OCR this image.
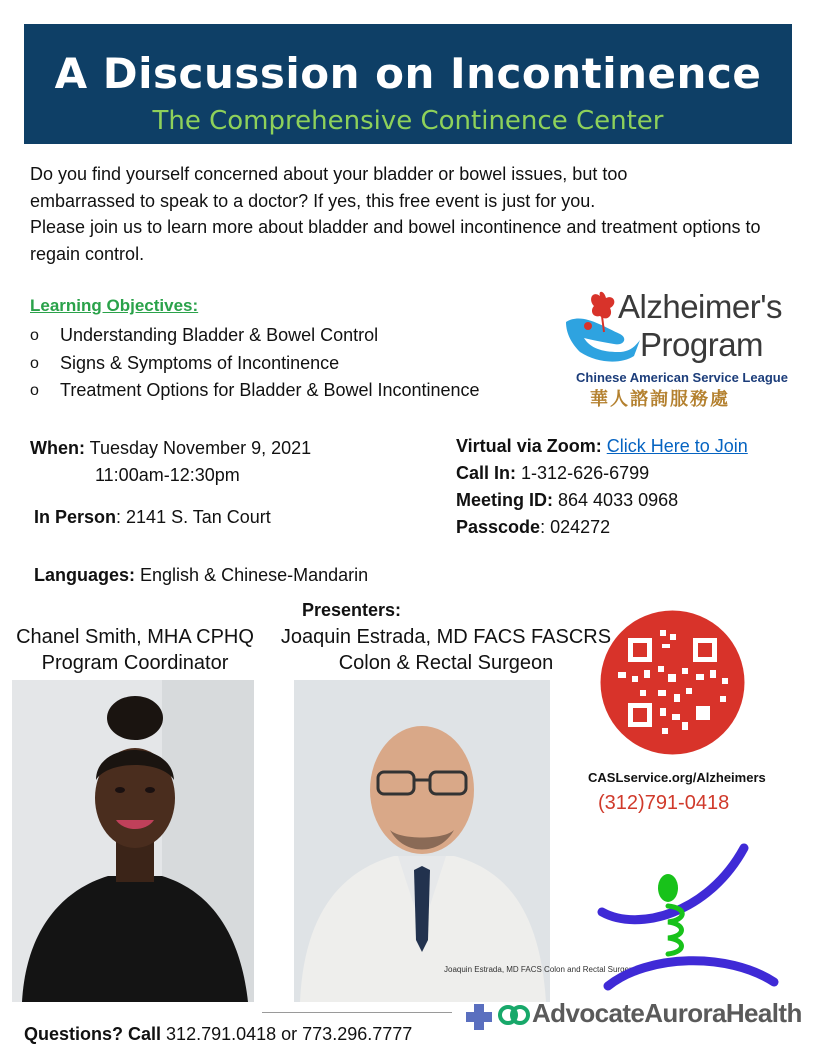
A Discussion on Incontinence
The Comprehensive Continence Center

Do you find yourself concerned about your bladder or bowel issues, but too embarrassed to speak to a doctor? If yes, this free event is just for you.

Please join us to learn more about bladder and bowel incontinence and treatment options to regain control.

Learning Objectives:
o	Understanding Bladder & Bowel Control
o	Signs & Symptoms of Incontinence
o	Treatment Options for Bladder & Bowel Incontinence
Alzheimer's
Program
Chinese American Service League
華人諮詢服務處
When: Tuesday November 9, 2021
11:00am-12:30pm
In Person: 2141 S. Tan Court
Languages: English & Chinese-Mandarin
Virtual via Zoom: Click Here to Join
Call In: 1-312-626-6799
Meeting ID: 864 4033 0968
Passcode: 024272
Presenters:
Chanel Smith, MHA CPHQ
Program Coordinator
Joaquin Estrada, MD FACS FASCRS
Colon & Rectal Surgeon
Joaquin Estrada, MD FACS Colon and Rectal Surgery
CASLservice.org/Alzheimers
(312)791-0418
AdvocateAuroraHealth
Questions? Call 312.791.0418 or 773.296.7777
